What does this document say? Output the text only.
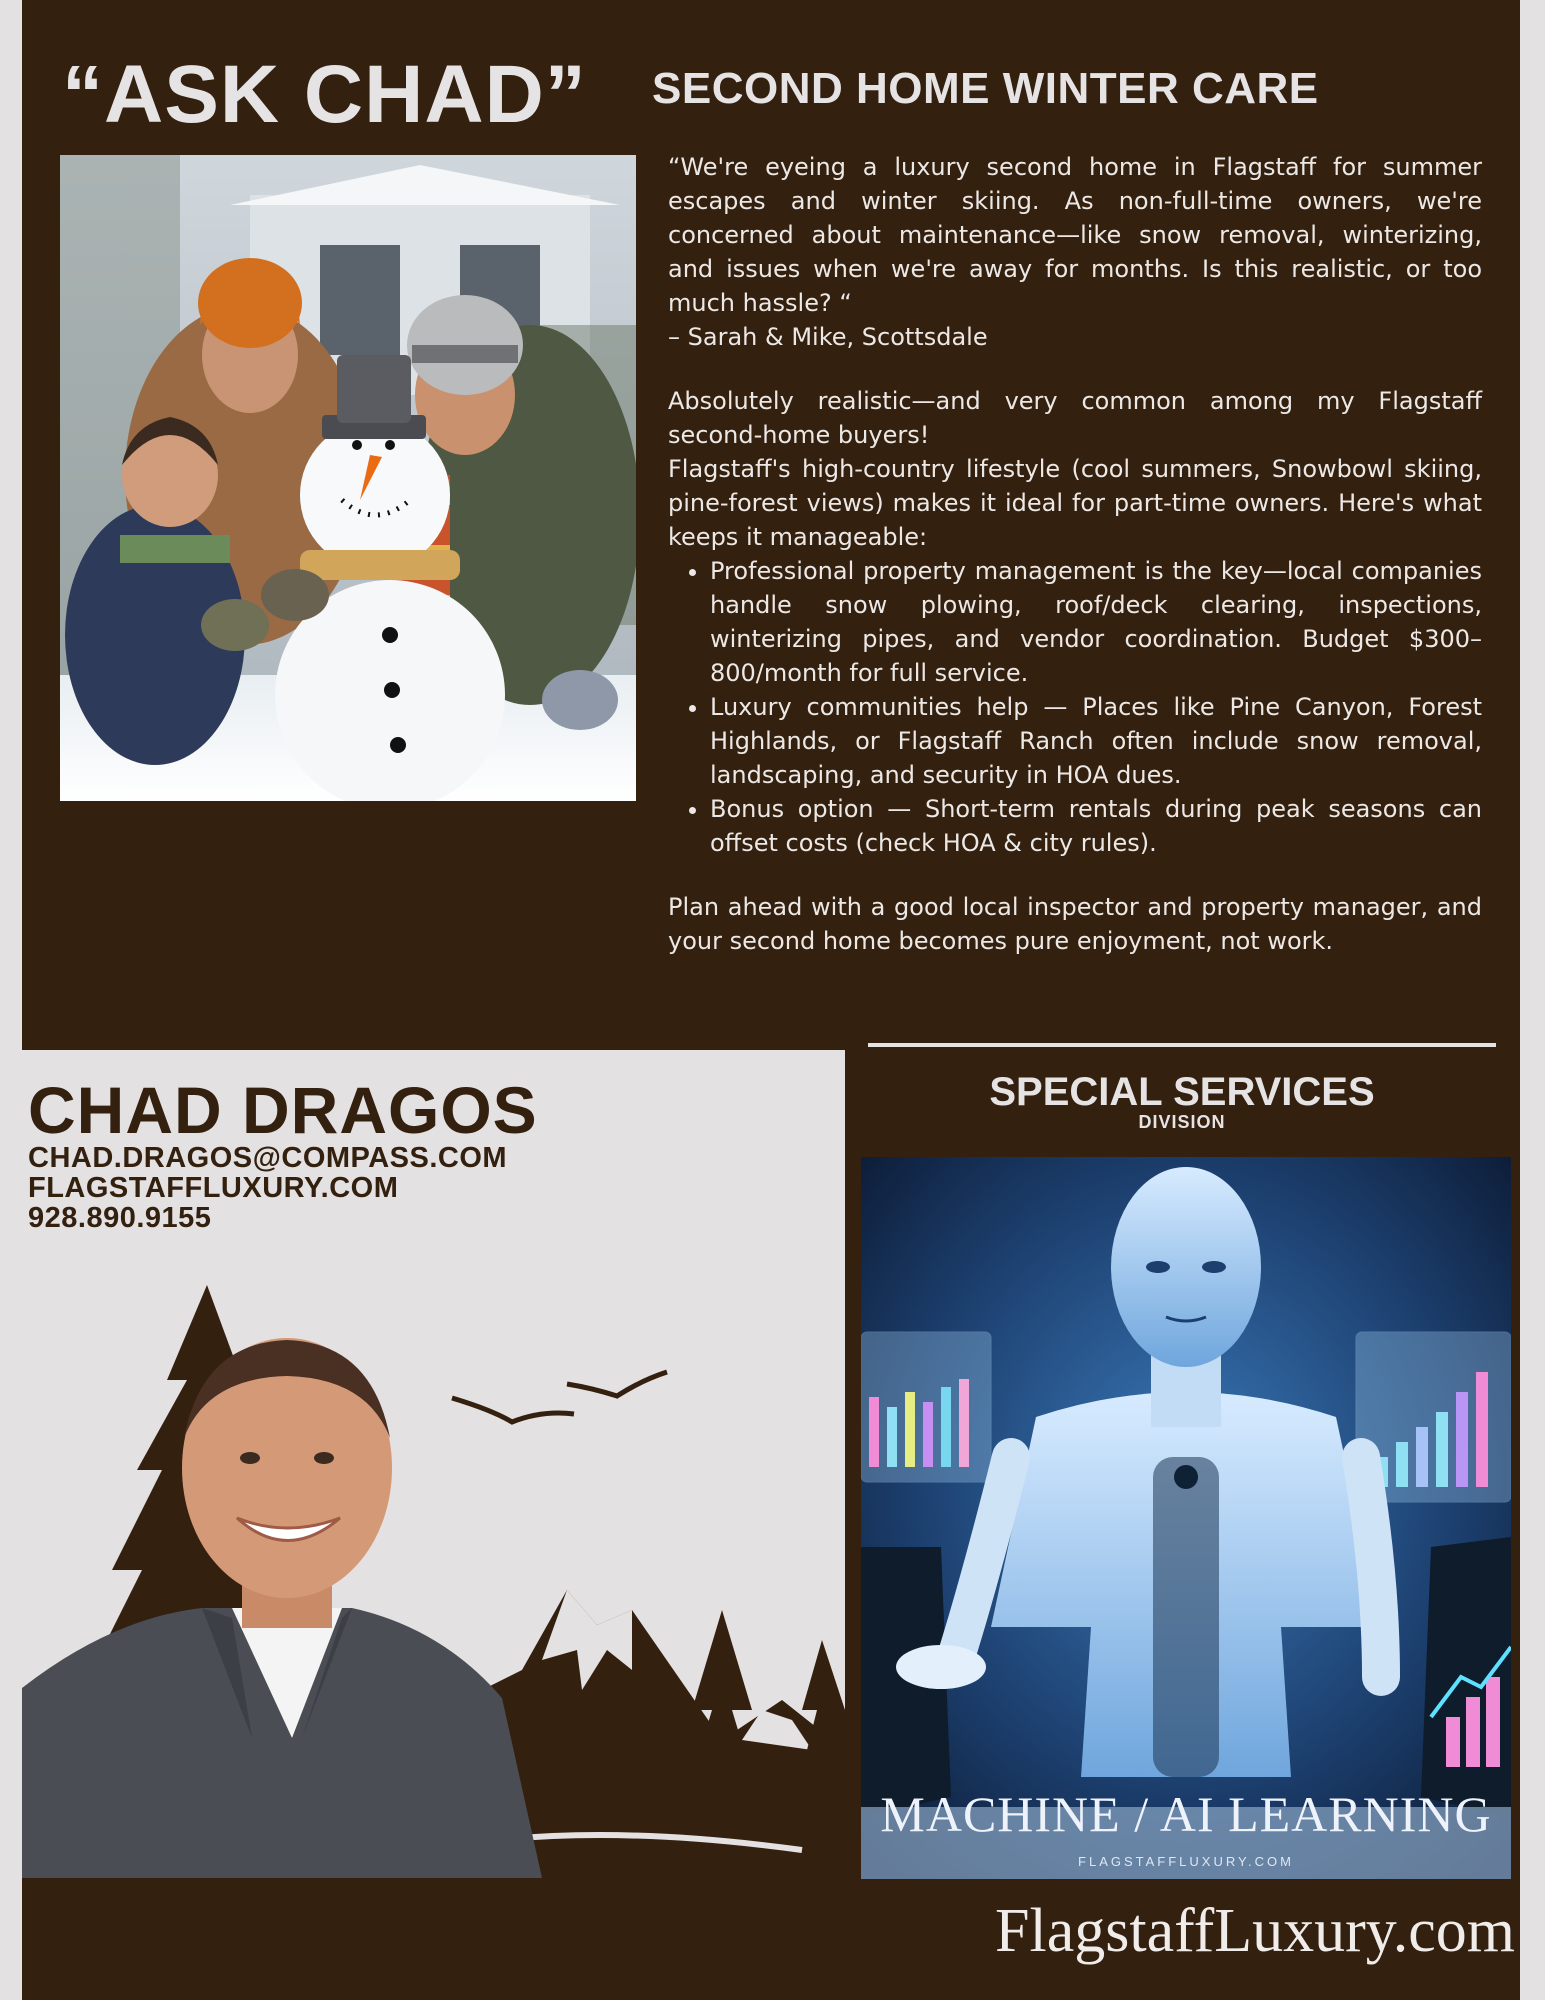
“ASK CHAD” SECOND HOME WINTER CARE

“We're eyeing a luxury second home in Flagstaff for summer escapes and winter skiing. As non-full-time owners, we're concerned about maintenance—like snow removal, winterizing, and issues when we're away for months. Is this realistic, or too much hassle? “

– Sarah & Mike, Scottsdale

Absolutely realistic—and very common among my Flagstaff second-home buyers!

Flagstaff's high-country lifestyle (cool summers, Snowbowl skiing, pine-forest views) makes it ideal for part-time owners. Here's what keeps it manageable:

• Professional property management is the key—local companies handle snow plowing, roof/deck clearing, inspections, winterizing pipes, and vendor coordination. Budget $300–800/month for full service.
• Luxury communities help — Places like Pine Canyon, Forest Highlands, or Flagstaff Ranch often include snow removal, landscaping, and security in HOA dues.
• Bonus option — Short-term rentals during peak seasons can offset costs (check HOA & city rules).

Plan ahead with a good local inspector and property manager, and your second home becomes pure enjoyment, not work.

CHAD DRAGOS
CHAD.DRAGOS@COMPASS.COM
FLAGSTAFFLUXURY.COM
928.890.9155
SPECIAL SERVICES
DIVISION
MACHINE / AI LEARNING
FLAGSTAFFLUXURY.COM
FlagstaffLuxury.com
